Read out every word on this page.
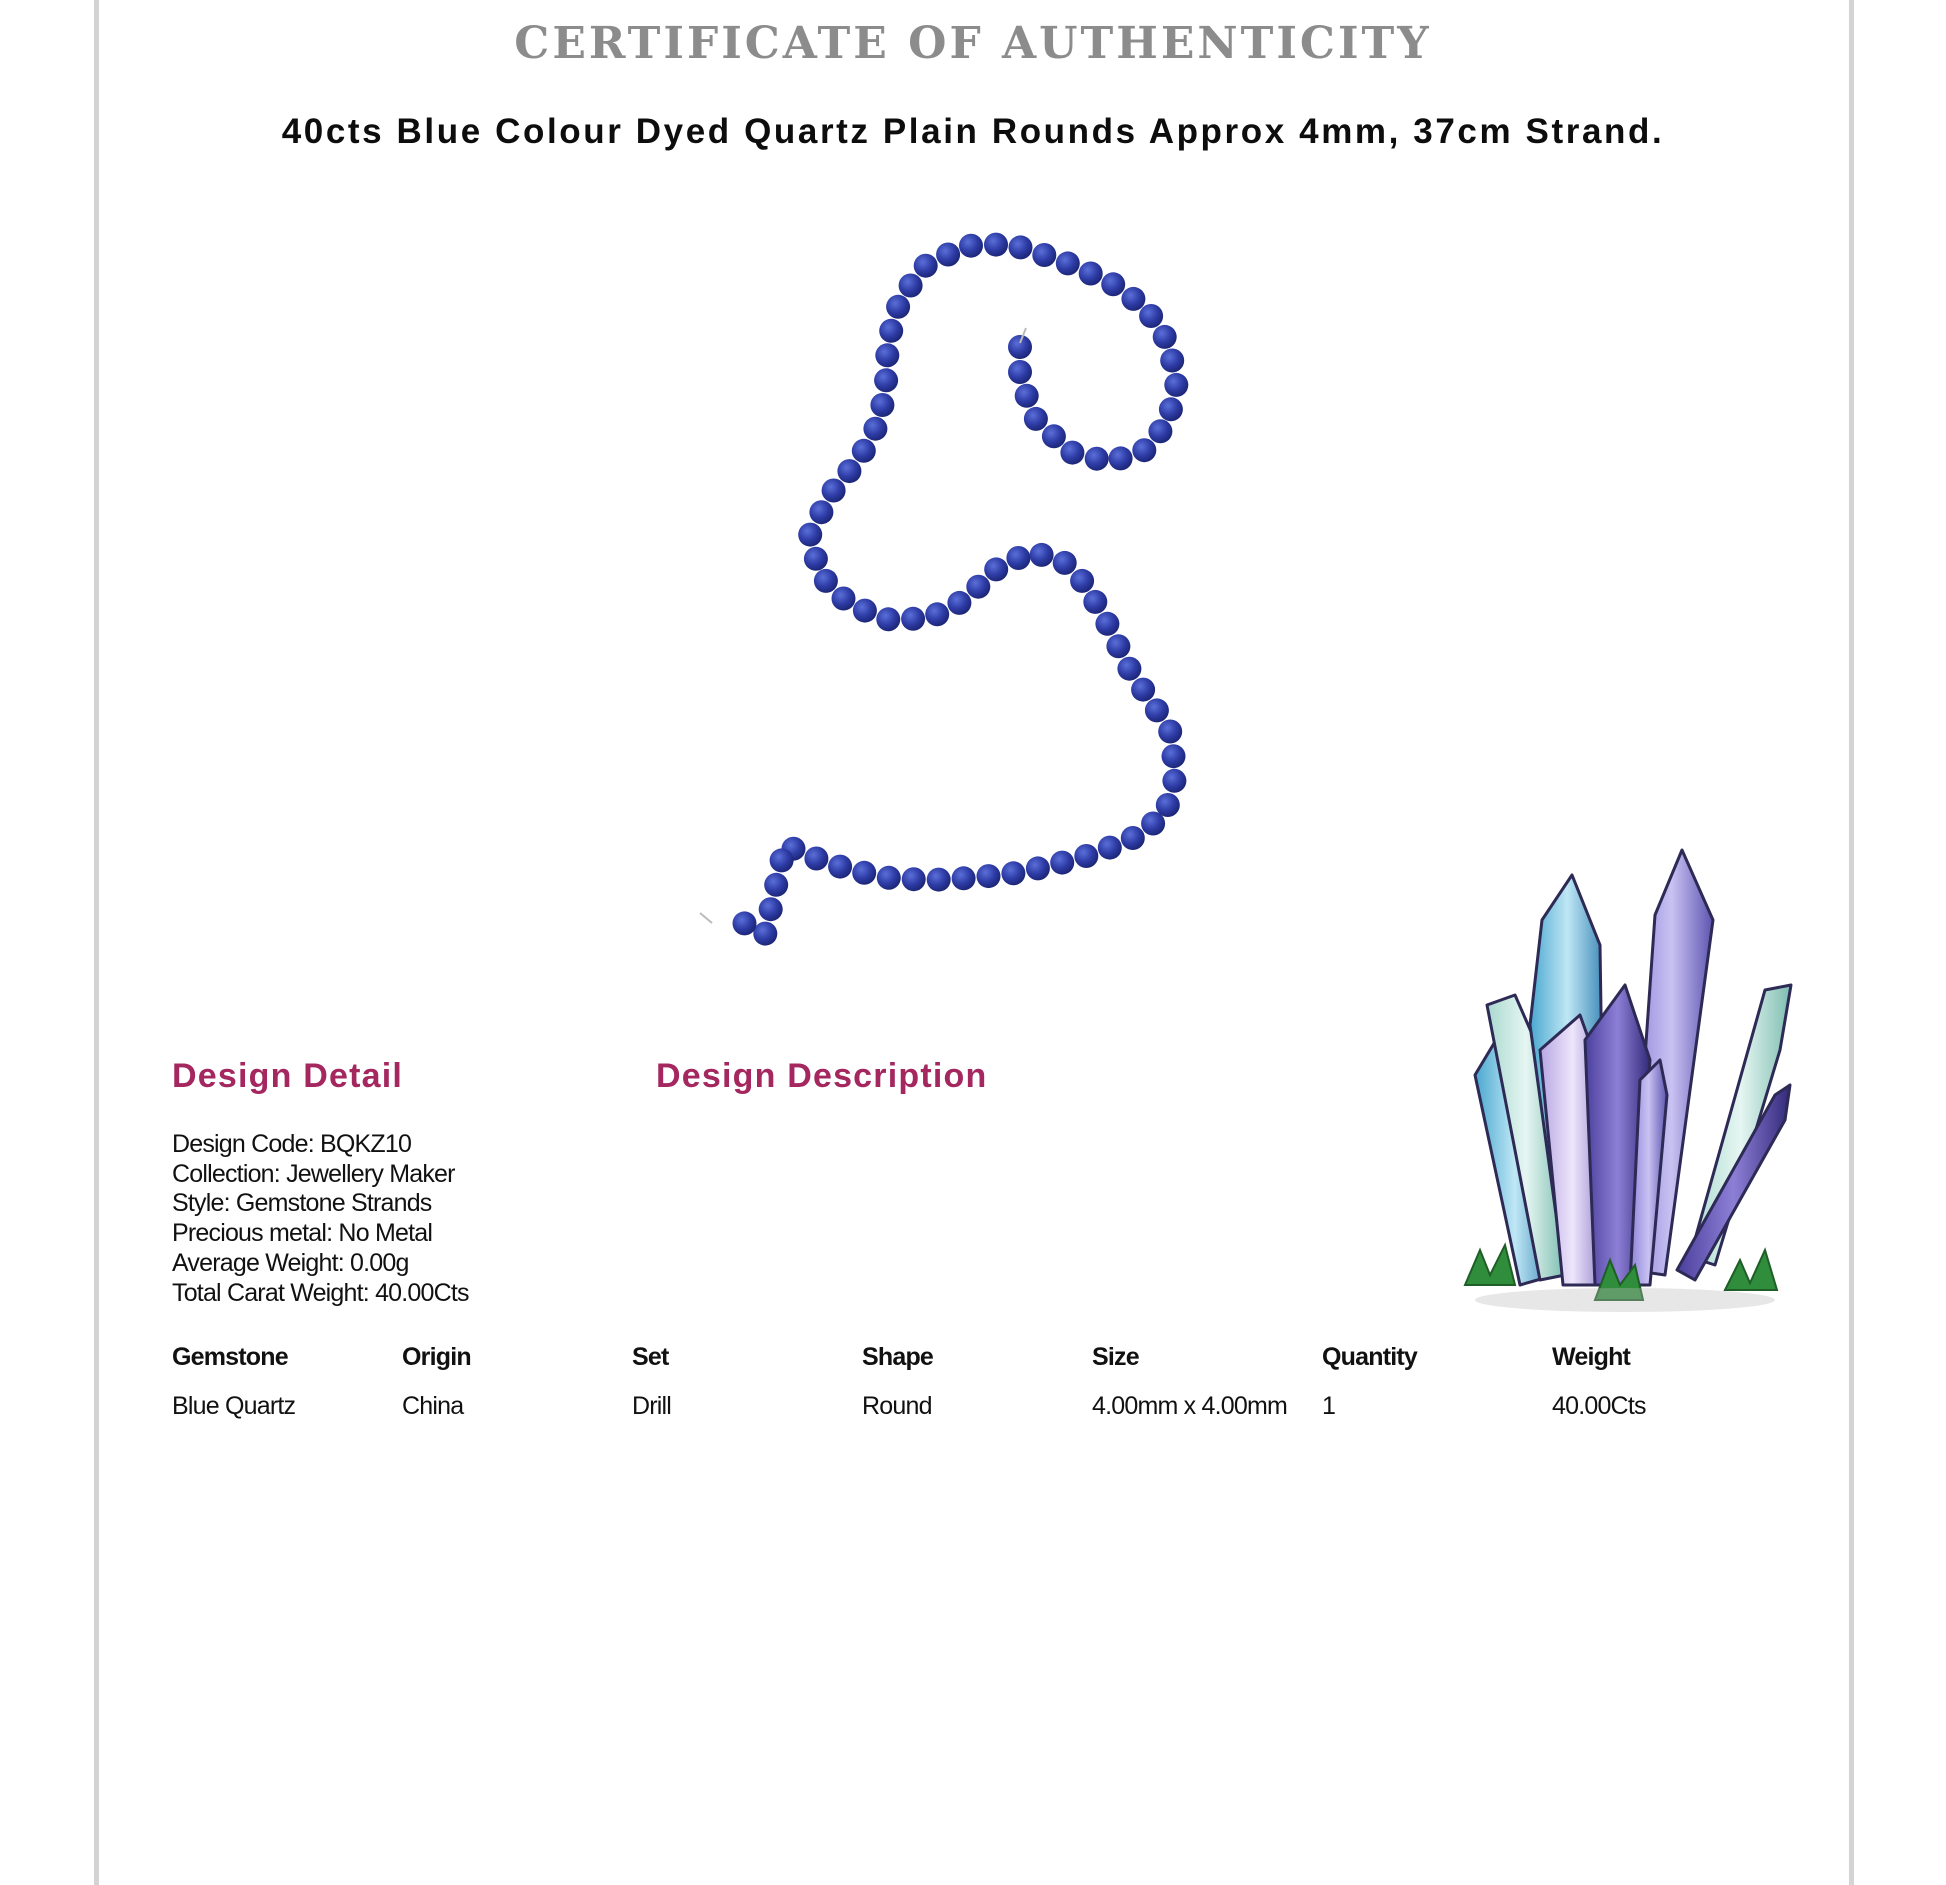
CERTIFICATE OF AUTHENTICITY
40cts Blue Colour Dyed Quartz Plain Rounds Approx 4mm, 37cm Strand.
Design Detail	Design Description
Design Code: BQKZ10
Collection: Jewellery Maker
Style: Gemstone Strands
Precious metal: No Metal
Average Weight: 0.00g
Total Carat Weight: 40.00Cts
Gemstone	Origin	Set	Shape	Size	Quantity	Weight
Blue Quartz	China	Drill	Round	4.00mm x 4.00mm	1	40.00Cts
